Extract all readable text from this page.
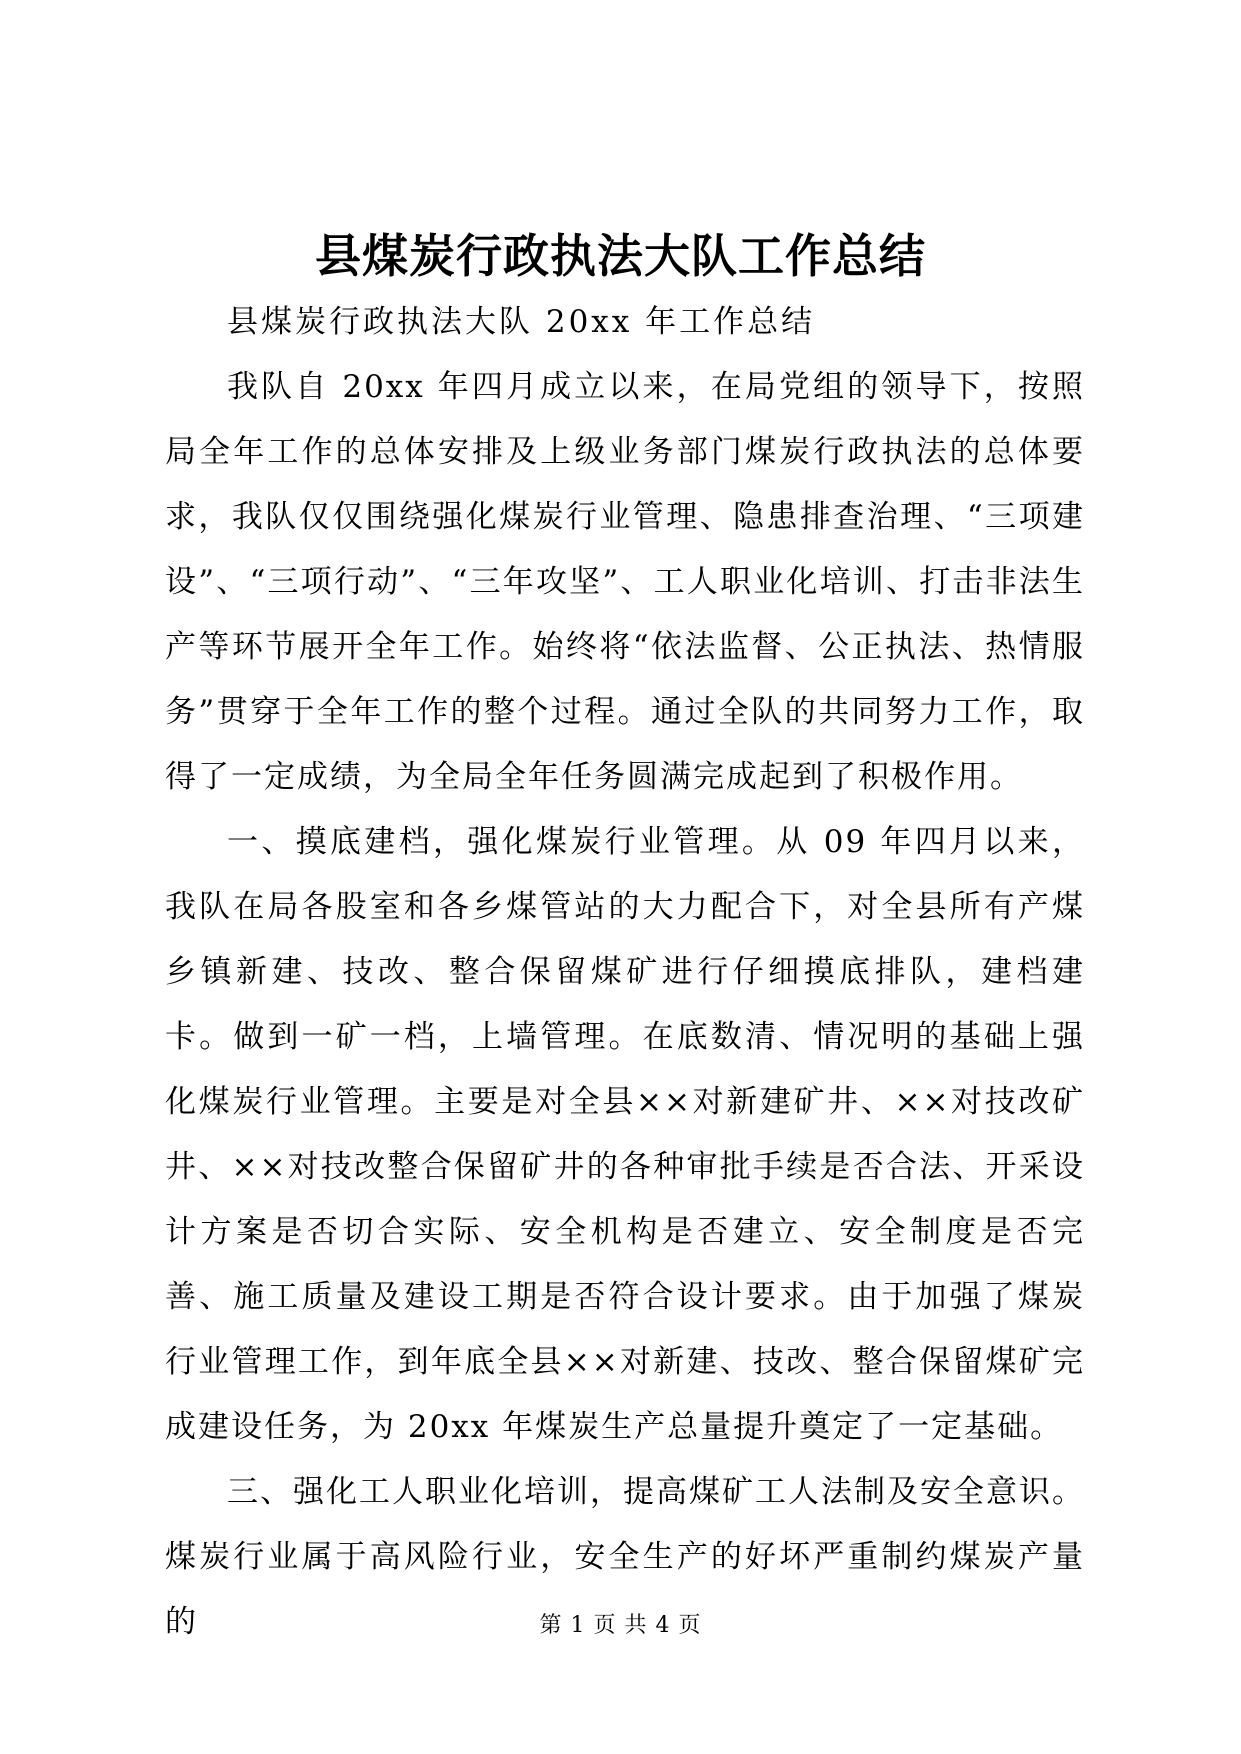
县煤炭行政执法大队工作总结

县煤炭行政执法大队 20xx 年工作总结

我队自 20xx 年四月成立以来，在局党组的领导下，按照局全年工作的总体安排及上级业务部门煤炭行政执法的总体要求，我队仅仅围绕强化煤炭行业管理、隐患排查治理、“三项建设”、“三项行动”、“三年攻坚”、工人职业化培训、打击非法生产等环节展开全年工作。始终将“依法监督、公正执法、热情服务”贯穿于全年工作的整个过程。通过全队的共同努力工作，取得了一定成绩，为全局全年任务圆满完成起到了积极作用。

一、摸底建档，强化煤炭行业管理。从 09 年四月以来，我队在局各股室和各乡煤管站的大力配合下，对全县所有产煤乡镇新建、技改、整合保留煤矿进行仔细摸底排队，建档建卡。做到一矿一档，上墙管理。在底数清、情况明的基础上强化煤炭行业管理。主要是对全县××对新建矿井、××对技改矿井、××对技改整合保留矿井的各种审批手续是否合法、开采设计方案是否切合实际、安全机构是否建立、安全制度是否完善、施工质量及建设工期是否符合设计要求。由于加强了煤炭行业管理工作，到年底全县××对新建、技改、整合保留煤矿完成建设任务，为 20xx 年煤炭生产总量提升奠定了一定基础。

三、强化工人职业化培训，提高煤矿工人法制及安全意识。煤炭行业属于高风险行业，安全生产的好坏严重制约煤炭产量的	第 1 页 共 4 页
